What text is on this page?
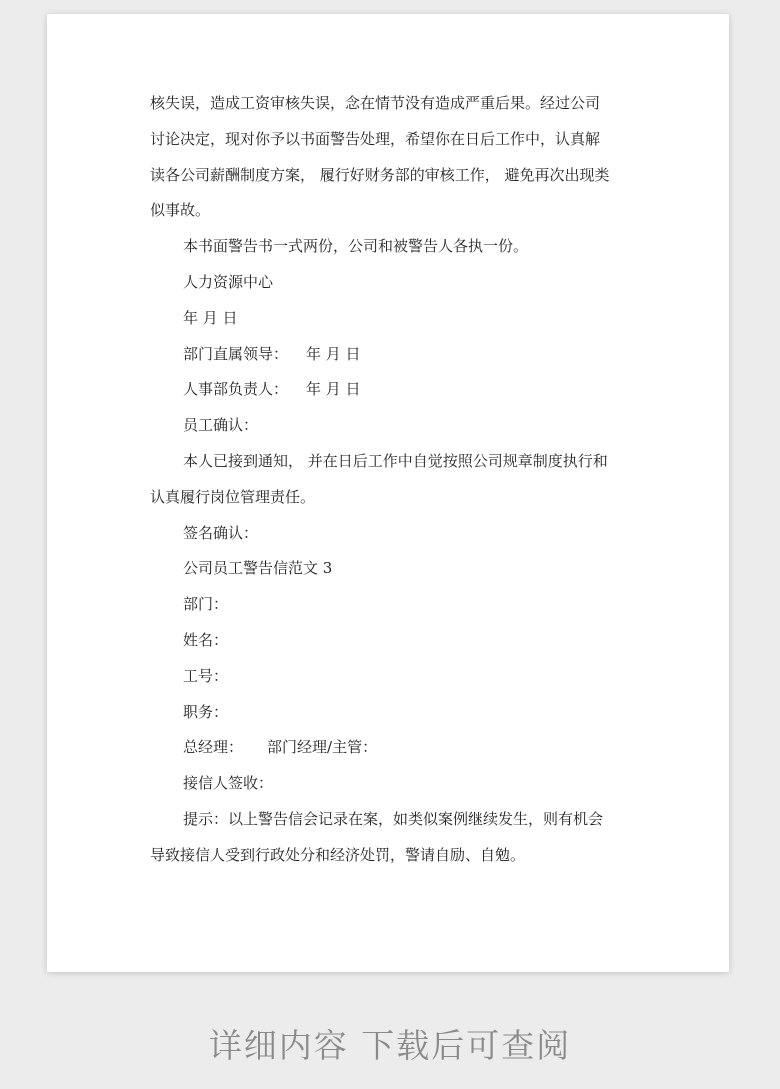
核失误，造成工资审核失误，念在情节没有造成严重后果。经过公司

讨论决定，现对你予以书面警告处理，希望你在日后工作中，认真解

读各公司薪酬制度方案， 履行好财务部的审核工作， 避免再次出现类

似事故。

本书面警告书一式两份，公司和被警告人各执一份。

人力资源中心

年 月 日

部门直属领导： 年 月 日

人事部负责人： 年 月 日

员工确认：

本人已接到通知， 并在日后工作中自觉按照公司规章制度执行和

认真履行岗位管理责任。

签名确认：

公司员工警告信范文 3

部门：

姓名：

工号：

职务：

总经理： 部门经理/主管：

接信人签收：

提示：以上警告信会记录在案，如类似案例继续发生，则有机会

导致接信人受到行政处分和经济处罚，警请自励、自勉。

详细内容 下载后可查阅
